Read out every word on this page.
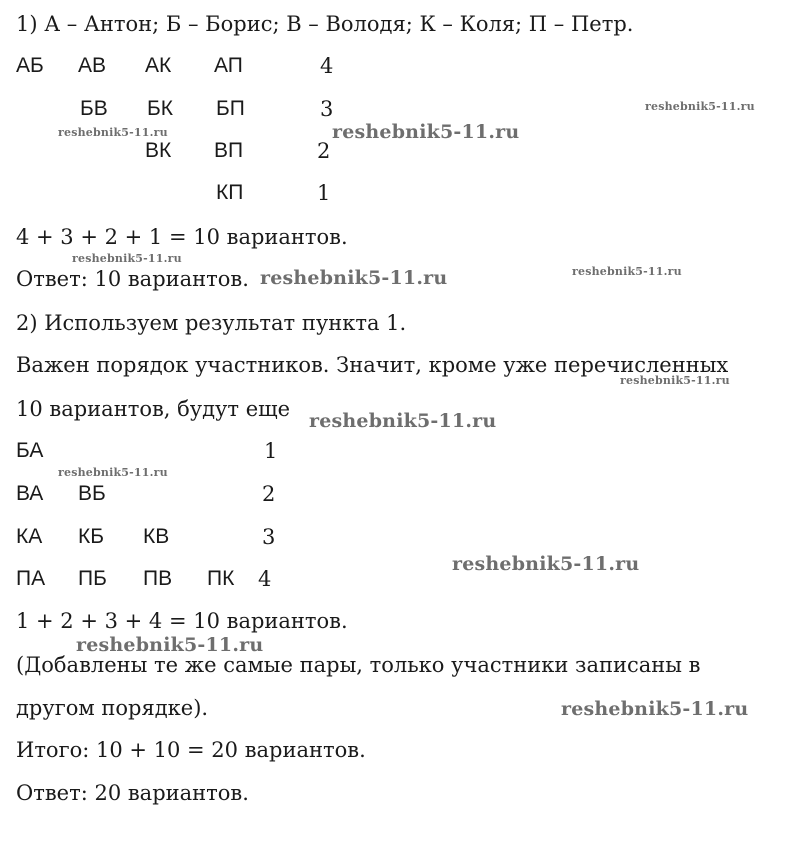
1) А – Антон; Б – Борис; В – Володя; К – Коля; П – Петр.
АБ АВ АК АП	4
БВ БК БП	3
ВК ВП	2
КП	1
4 + 3 + 2 + 1 = 10 вариантов.
Ответ: 10 вариантов.
2) Используем результат пункта 1.
Важен порядок участников. Значит, кроме уже перечисленных
10 вариантов, будут еще
БА	1
ВА ВБ	2
КА КБ КВ	3
ПА ПБ ПВ ПК 4
1 + 2 + 3 + 4 = 10 вариантов.
(Добавлены те же самые пары, только участники записаны в
другом порядке).
Итого: 10 + 10 = 20 вариантов.
Ответ: 20 вариантов.
reshebnik5-11.ru
reshebnik5-11.ru	reshebnik5-11.ru
reshebnik5-11.ru
reshebnik5-11.ru	reshebnik5-11.ru
reshebnik5-11.ru
reshebnik5-11.ru
reshebnik5-11.ru
reshebnik5-11.ru
reshebnik5-11.ru
reshebnik5-11.ru
